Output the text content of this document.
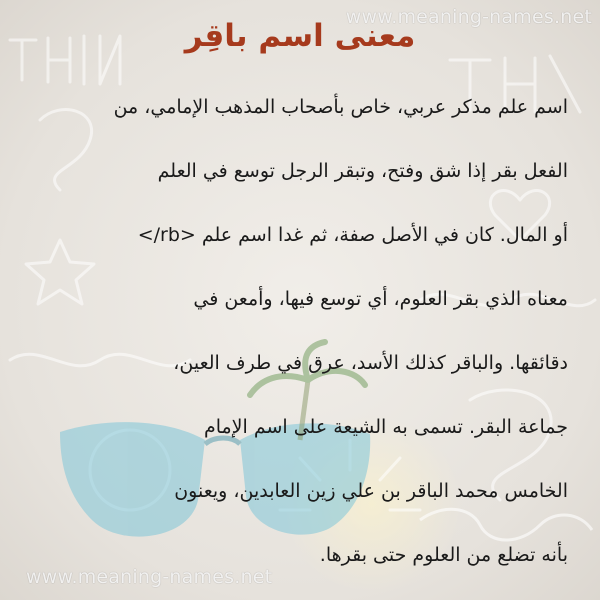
www.meaning-names.net
معنى اسم باقِر
اسم علم مذكر عربي، خاص بأصحاب المذهب الإمامي، من
الفعل بقر إذا شق وفتح، وتبقر الرجل توسع في العلم
أو المال. كان في الأصل صفة، ثم غدا اسم علم <rb/>
معناه الذي بقر العلوم، أي توسع فيها، وأمعن في
دقائقها. والباقر كذلك الأسد، عرق في طرف العين،
جماعة البقر. تسمى به الشيعة على اسم الإمام
الخامس محمد الباقر بن علي زين العابدين، ويعنون
بأنه تضلع من العلوم حتى بقرها.
www.meaning-names.net
